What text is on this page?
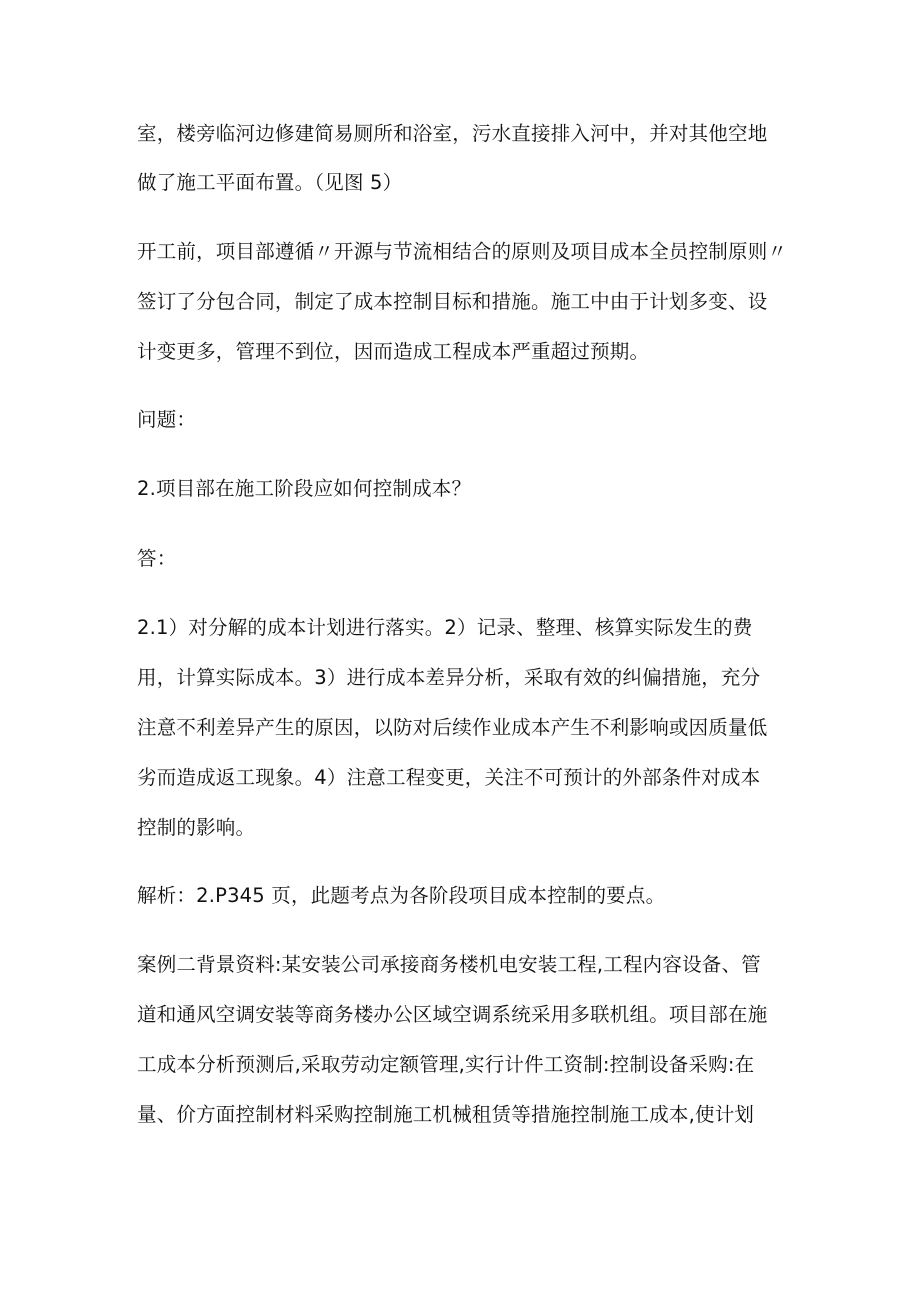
室，楼旁临河边修建简易厕所和浴室，污水直接排入河中，并对其他空地
做了施工平面布置。（见图 5）
开工前，项目部遵循〃开源与节流相结合的原则及项目成本全员控制原则〃
签订了分包合同，制定了成本控制目标和措施。施工中由于计划多变、设
计变更多，管理不到位，因而造成工程成本严重超过预期。
问题：
2.项目部在施工阶段应如何控制成本？
答：
2.1）对分解的成本计划进行落实。2）记录、整理、核算实际发生的费
用，计算实际成本。3）进行成本差异分析，采取有效的纠偏措施，充分
注意不利差异产生的原因，以防对后续作业成本产生不利影响或因质量低
劣而造成返工现象。4）注意工程变更，关注不可预计的外部条件对成本
控制的影响。
解析：2.P345 页，此题考点为各阶段项目成本控制的要点。
案例二背景资料:某安装公司承接商务楼机电安装工程,工程内容设备、管
道和通风空调安装等商务楼办公区域空调系统采用多联机组。项目部在施
工成本分析预测后,采取劳动定额管理,实行计件工资制:控制设备采购:在
量、价方面控制材料采购控制施工机械租赁等措施控制施工成本,使计划
